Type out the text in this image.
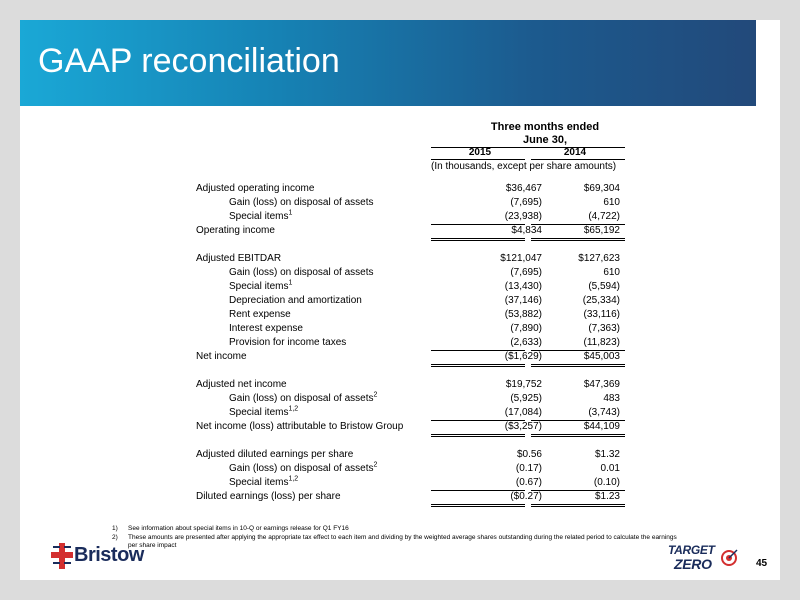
GAAP reconciliation
Three months ended
June 30,
2015	2014
(In thousands, except per share amounts)
Adjusted operating income	$36,467	$69,304
Gain (loss) on disposal of assets	(7,695)	610
Special items$^1$	(23,938)	(4,722)
Operating income	$4,834	$65,192
Adjusted EBITDAR	$121,047	$127,623
Gain (loss) on disposal of assets	(7,695)	610
Special items$^1$	(13,430)	(5,594)
Depreciation and amortization	(37,146)	(25,334)
Rent expense	(53,882)	(33,116)
Interest expense	(7,890)	(7,363)
Provision for income taxes	(2,633)	(11,823)
Net income	($1,629)	$45,003
Adjusted net income	$19,752	$47,369
Gain (loss) on disposal of assets$^2$	(5,925)	483
Special items$^{1,2}$	(17,084)	(3,743)
Net income (loss) attributable to Bristow Group	($3,257)	$44,109
Adjusted diluted earnings per share	$0.56	$1.32
Gain (loss) on disposal of assets$^2$	(0.17)	0.01
Special items$^{1,2}$	(0.67)	(0.10)
Diluted earnings (loss) per share	($0.27)	$1.23
1) See information about special items in 10-Q or earnings release for Q1 FY16
2) These amounts are presented after applying the appropriate tax effect to each item and dividing by the weighted average shares outstanding during the related period to calculate the earnings
per share impact
Bristow	TARGET
ZERO	45
